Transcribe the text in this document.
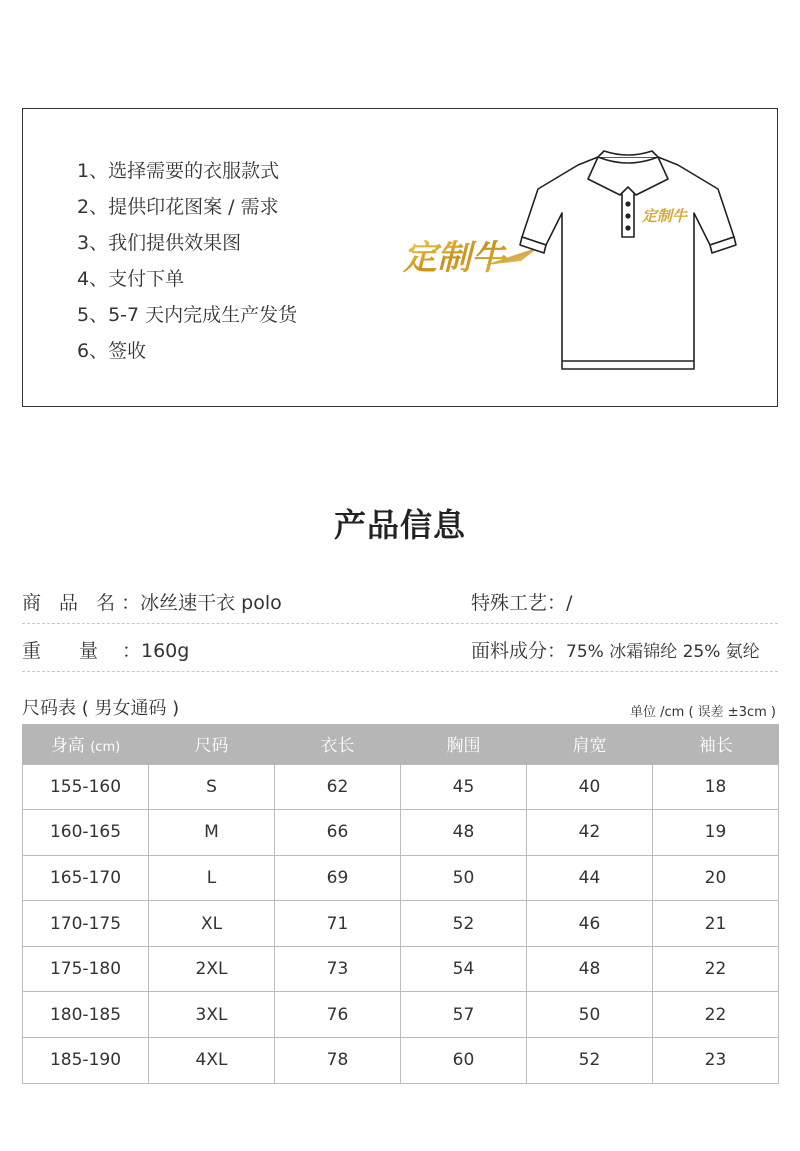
1、选择需要的衣服款式
2、提供印花图案 / 需求
3、我们提供效果图
4、支付下单
5、5-7 天内完成生产发货
6、签收
定制牛
定制牛
产品信息
商 品 名：冰丝速干衣 polo	特殊工艺：/
重 量 ：160g	面料成分：75% 冰霜锦纶 25% 氨纶
尺码表 ( 男女通码 )	单位 /cm ( 误差 ±3cm )
身高 (cm)	尺码	衣长	胸围	肩宽	袖长
155-160	S	62	45	40	18
160-165	M	66	48	42	19
165-170	L	69	50	44	20
170-175	XL	71	52	46	21
175-180	2XL	73	54	48	22
180-185	3XL	76	57	50	22
185-190	4XL	78	60	52	23
